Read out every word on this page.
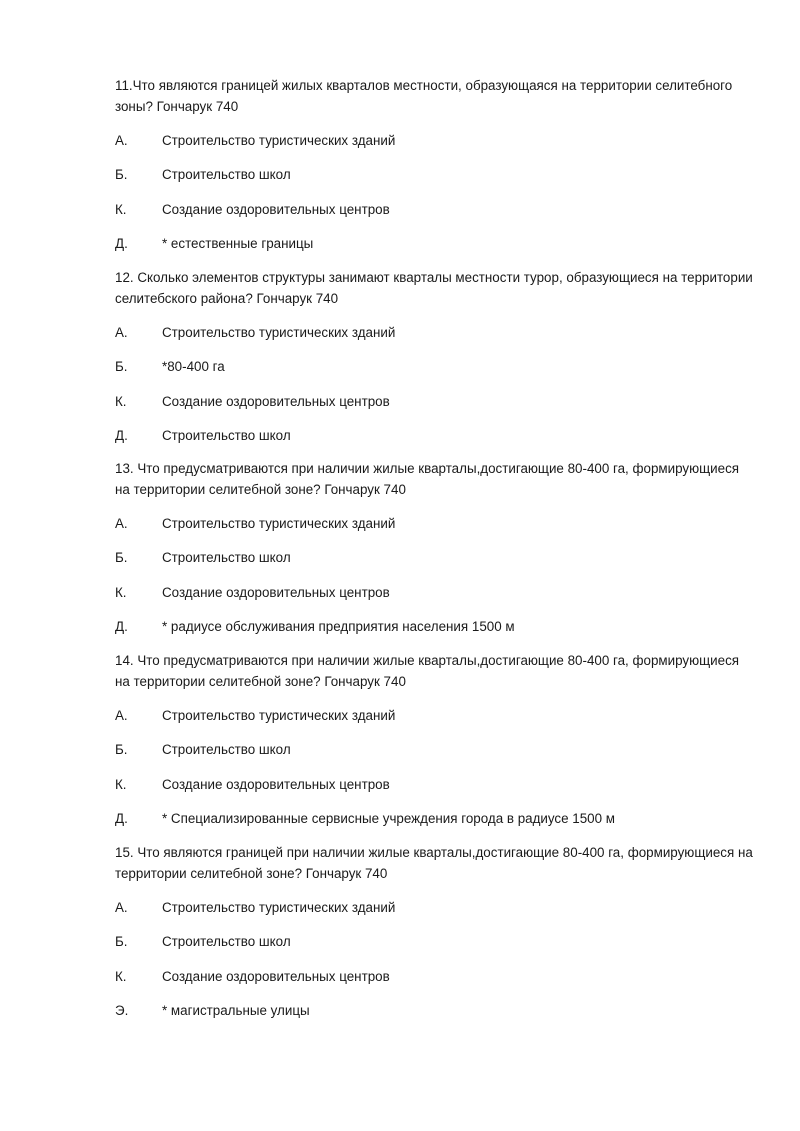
11.Что являются границей жилых кварталов местности, образующаяся на территории селитебного зоны? Гончарук 740

А.	Строительство туристических зданий
Б.	Строительство школ
К.	Создание оздоровительных центров
Д.	* естественные границы

12. Сколько элементов структуры занимают кварталы местности турор, образующиеся на территории селитебского района? Гончарук 740

А.	Строительство туристических зданий
Б.	*80-400 га
К.	Создание оздоровительных центров
Д.	Строительство школ

13. Что предусматриваются при наличии жилые кварталы,достигающие 80-400 га, формирующиеся на территории селитебной зоне? Гончарук 740

А.	Строительство туристических зданий
Б.	Строительство школ
К.	Создание оздоровительных центров
Д.	* радиусе обслуживания предприятия населения 1500 м

14. Что предусматриваются при наличии жилые кварталы,достигающие 80-400 га, формирующиеся на территории селитебной зоне? Гончарук 740

А.	Строительство туристических зданий
Б.	Строительство школ
К.	Создание оздоровительных центров
Д.	* Специализированные сервисные учреждения города в радиусе 1500 м

15. Что являются границей при наличии жилые кварталы,достигающие 80-400 га, формирующиеся на территории селитебной зоне? Гончарук 740

А.	Строительство туристических зданий
Б.	Строительство школ
К.	Создание оздоровительных центров
Э.	* магистральные улицы
